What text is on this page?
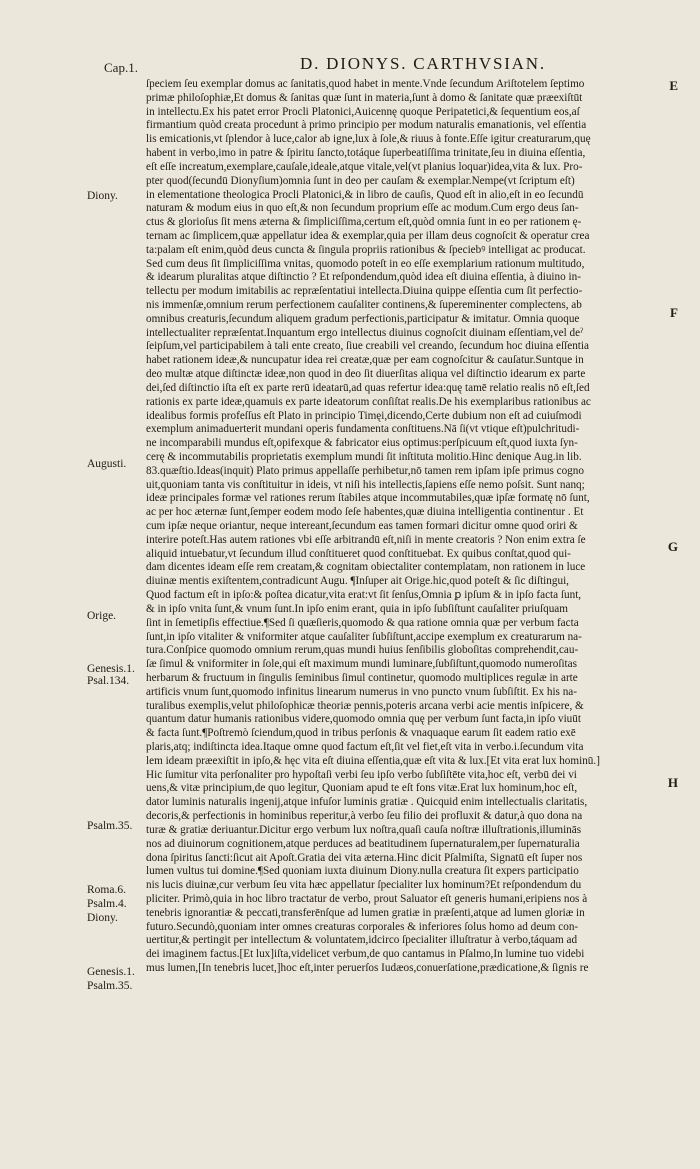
Cap.1.	D. DIONYS. CARTHVSIAN.
ſpeciem ſeu exemplar domus ac ſanitatis,quod habet in mente.Vnde ſecundum Ariſtotelem ſeptimo
primæ philoſophiæ,Et domus & ſanitas quæ ſunt in materia,ſunt à domo & ſanitate quæ præexiſtūt
in intellectu.Ex his patet error Procli Platonici,Auicennę quoque Peripatetici,& ſequentium eos,aſ
firmantium quòd creata procedunt à primo principio per modum naturalis emanationis, vel eſſentia
lis emicationis,vt ſplendor à luce,calor ab igne,lux à ſole,& riuus à fonte.Eſſe igitur creaturarum,quę
habent in verbo,imo in patre & ſpiritu ſancto,totáque ſuperbeatiſſima trinitate,ſeu in diuina eſſentia,
eſt eſſe increatum,exemplare,cauſale,ideale,atque vitale,vel(vt planius loquar)idea,vita & lux. Pro-
pter quod(ſecundū Dionyſium)omnia ſunt in deo per cauſam & exemplar.Nempe(vt ſcriptum eſt)
in elementatione theologica Procli Platonici,& in libro de cauſis, Quod eſt in alio,eſt in eo ſecundū
naturam & modum eius in quo eſt,& non ſecundum proprium eſſe ac modum.Cum ergo deus ſan-
ctus & glorioſus ſit mens æterna & ſimpliciſſima,certum eſt,quòd omnia ſunt in eo per rationem ę-
ternam ac ſimplicem,quæ appellatur idea & exemplar,quia per illam deus cognoſcit & operatur crea
ta:palam eſt enim,quòd deus cuncta & ſingula propriis rationibus & ſpeciebꝰ intelligat ac producat.
Sed cum deus ſit ſimpliciſſima vnitas, quomodo poteſt in eo eſſe exemplarium rationum multitudo,
& idearum pluralitas atque diſtinctio ? Et reſpondendum,quòd idea eſt diuina eſſentia, à diuino in-
tellectu per modum imitabilis ac repræſentatiui intellecta.Diuina quippe eſſentia cum ſit perfectio-
nis immenſæ,omnium rerum perfectionem cauſaliter continens,& ſupereminenter complectens, ab
omnibus creaturis,ſecundum aliquem gradum perfectionis,participatur & imitatur. Omnia quoque
intellectualiter repræſentat.Inquantum ergo intellectus diuinus cognoſcit diuinam eſſentiam,vel deˀ
ſeipſum,vel participabilem à tali ente creato, ſiue creabili vel creando, ſecundum hoc diuina eſſentia
habet rationem ideæ,& nuncupatur idea rei creatæ,quæ per eam cognoſcitur & cauſatur.Suntque in
deo multæ atque diſtinctæ ideæ,non quod in deo ſit diuerſitas aliqua vel diſtinctio idearum ex parte
dei,ſed diſtinctio iſta eſt ex parte rerū ideatarū,ad quas refertur idea:quę tamē relatio realis nō eſt,ſed
rationis ex parte ideæ,quamuis ex parte ideatorum conſiſtat realis.De his exemplaribus rationibus ac
idealibus formis profeſſus eſt Plato in principio Timęi,dicendo,Certe dubium non eſt ad cuiuſmodi
exemplum animaduerterit mundani operis fundamenta conſtituens.Nā ſi(vt vtique eſt)pulchritudi-
ne incomparabili mundus eſt,opifexque & fabricator eius optimus:perſpicuum eſt,quod iuxta ſyn-
cerę & incommutabilis proprietatis exemplum mundi ſit inſtituta molitio.Hinc denique Aug.in lib.
83.quæſtio.Ideas(inquit) Plato primus appellaſſe perhibetur,nō tamen rem ipſam ipſe primus cogno
uit,quoniam tanta vis conſtituitur in ideis, vt niſi his intellectis,ſapiens eſſe nemo poſsit. Sunt nanq;
ideæ principales formæ vel rationes rerum ſtabiles atque incommutabiles,quæ ipſæ formatę nō ſunt,
ac per hoc æternæ ſunt,ſemper eodem modo ſeſe habentes,quæ diuina intelligentia continentur . Et
cum ipſæ neque oriantur, neque intereant,ſecundum eas tamen formari dicitur omne quod oriri &
interire poteſt.Has autem rationes vbi eſſe arbitrandū eſt,niſi in mente creatoris ? Non enim extra ſe
aliquid intuebatur,vt ſecundum illud conſtitueret quod conſtituebat. Ex quibus conſtat,quod qui-
dam dicentes ideam eſſe rem creatam,& cognitam obiectaliter contemplatam, non rationem in luce
diuinæ mentis exiſtentem,contradicunt Augu. ¶Inſuper ait Orige.hic,quod poteſt & ſic diſtingui,
Quod factum eſt in ipſo:& poſtea dicatur,vita erat:vt ſit ſenſus,Omnia ꝑ ipſum & in ipſo facta ſunt,
& in ipſo vnita ſunt,& vnum ſunt.In ipſo enim erant, quia in ipſo ſubſiſtunt cauſaliter priuſquam
ſint in ſemetipſis effectiue.¶Sed ſi quæſieris,quomodo & qua ratione omnia quæ per verbum facta
ſunt,in ipſo vitaliter & vniformiter atque cauſaliter ſubſiſtunt,accipe exemplum ex creaturarum na-
tura.Conſpice quomodo omnium rerum,quas mundi huius ſenſibilis globoſitas comprehendit,cau-
ſæ ſimul & vniformiter in ſole,qui eſt maximum mundi luminare,ſubſiſtunt,quomodo numeroſitas
herbarum & fructuum in ſingulis ſeminibus ſimul continetur, quomodo multiplices regulæ in arte
artificis vnum ſunt,quomodo infinitus linearum numerus in vno puncto vnum ſubſiſtit. Ex his na-
turalibus exemplis,velut philoſophicæ theoriæ pennis,poteris arcana verbi acie mentis inſpicere, &
quantum datur humanis rationibus videre,quomodo omnia quę per verbum ſunt facta,in ipſo viuūt
& facta ſunt.¶Poſtremò ſciendum,quod in tribus perſonis & vnaquaque earum ſit eadem ratio exē
plaris,atq; indiſtincta idea.Itaque omne quod factum eſt,ſit vel fiet,eſt vita in verbo.i.ſecundum vita
lem ideam præexiſtit in ipſo,& hęc vita eſt diuina eſſentia,quæ eſt vita & lux.[Et vita erat lux hominū.]
Hic ſumitur vita perſonaliter pro hypoſtaſi verbi ſeu ipſo verbo ſubſiſtēte vita,hoc eſt, verbū dei vi
uens,& vitæ principium,de quo legitur, Quoniam apud te eſt fons vitæ.Erat lux hominum,hoc eſt,
dator luminis naturalis ingenij,atque infuſor luminis gratiæ . Quicquid enim intellectualis claritatis,
decoris,& perfectionis in hominibus reperitur,à verbo ſeu filio dei profluxit & datur,à quo dona na
turæ & gratiæ deriuantur.Dicitur ergo verbum lux noſtra,quaſi cauſa noſtræ illuſtrationis,illuminās
nos ad diuinorum cognitionem,atque perduces ad beatitudinem ſupernaturalem,per ſupernaturalia
dona ſpiritus ſancti:ſicut ait Apoſt.Gratia dei vita æterna.Hinc dicit Pſalmiſta, Signatū eſt ſuper nos
lumen vultus tui domine.¶Sed quoniam iuxta diuinum Diony.nulla creatura ſit expers participatio
nis lucis diuinæ,cur verbum ſeu vita hæc appellatur ſpecialiter lux hominum?Et reſpondendum du
pliciter. Primò,quia in hoc libro tractatur de verbo, prout Saluator eſt generis humani,eripiens nos à
tenebris ignorantiæ & peccati,transferēnſque ad lumen gratiæ in præſenti,atque ad lumen gloriæ in
futuro.Secundò,quoniam inter omnes creaturas corporales & inferiores ſolus homo ad deum con-
uertitur,& pertingit per intellectum & voluntatem,idcirco ſpecialiter illuſtratur à verbo,táquam ad
dei imaginem factus.[Et lux]iſta,videlicet verbum,de quo cantamus in Pſalmo,In lumine tuo videbi
mus lumen,[In tenebris lucet,]hoc eſt,inter peruerſos Iudæos,conuerſatione,prædicatione,& ſignis re
Diony.
Augusti.
Orige.
Genesis.1.
Psal.134.
Psalm.35.
Roma.6.
Psalm.4.
Diony.
Genesis.1.
Psalm.35.
E
F
G
H
